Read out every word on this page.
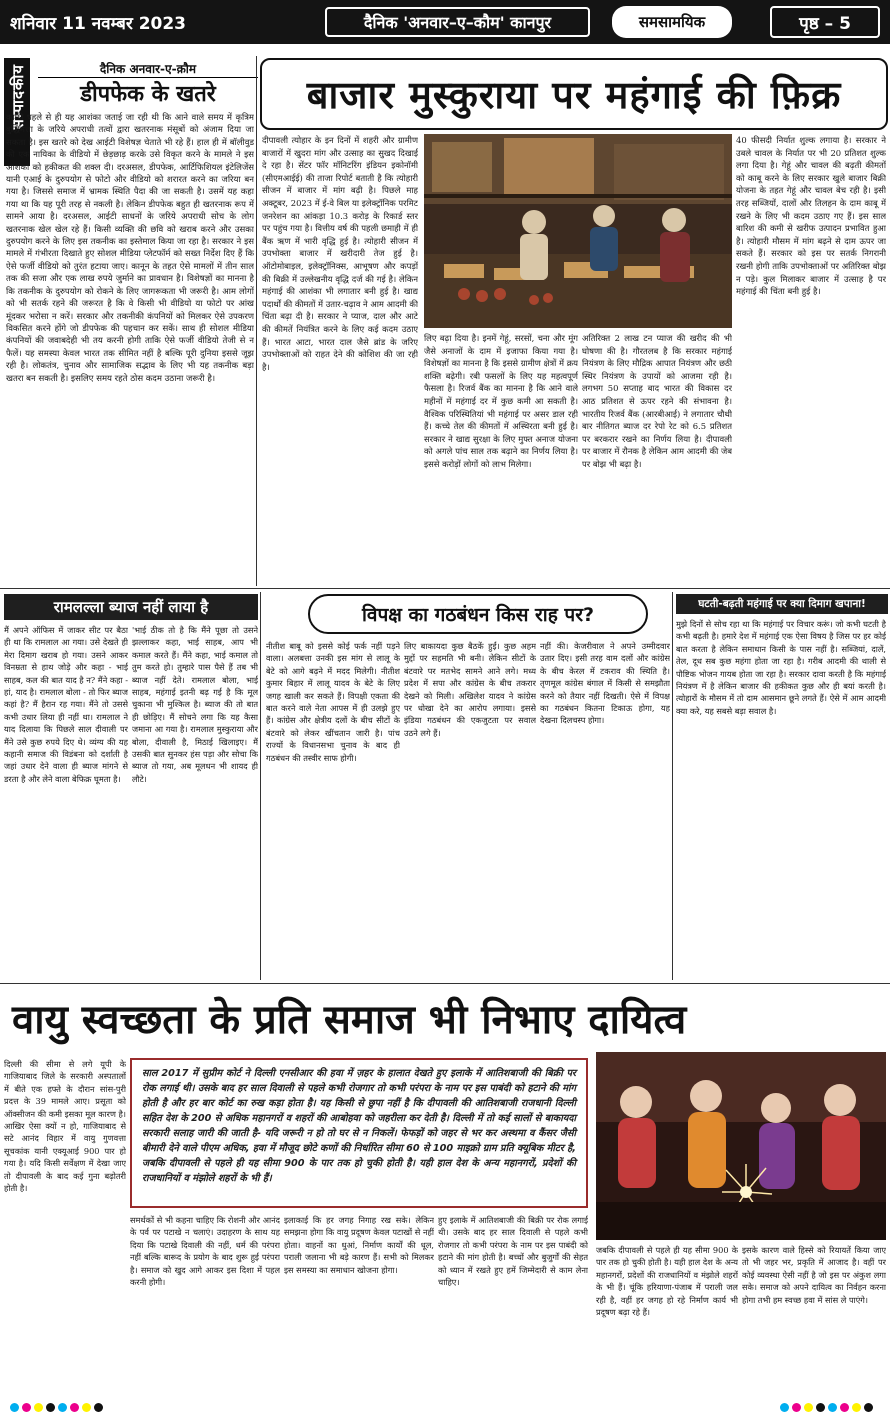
शनिवार 11 नवम्बर 2023	दैनिक 'अनवार–ए–कौम' कानपुर	समसामयिक	पृष्ठ – 5
सम्पादकीय	दैनिक अनवार-ए-क़ौम
डीपफेक के खतरे
काफी पहले से ही यह आशंका जताई जा रही थी कि आने वाले समय में कृत्रिम बुद्धिमत्ता के जरिये अपराधी तत्वों द्वारा खतरनाक मंसूबों को अंजाम दिया जा सकता है। इस खतरे को देख आईटी विशेषज्ञ चेताते भी रहे हैं। हाल ही में बॉलीवुड की एक नायिका के वीडियो में छेड़छाड़ करके उसे विकृत करने के मामले ने इस आशंका को हकीकत की शक्ल दी। दरअसल, डीपफेक, आर्टिफिशियल इंटेलिजेंस यानी एआई के दुरुपयोग से फोटो और वीडियो को शरारत करने का जरिया बन गया है। जिससे समाज में भ्रामक स्थिति पैदा की जा सकती है। उसमें यह कहा गया था कि यह पूरी तरह से नकली है। लेकिन डीपफेक बहुत ही खतरनाक रूप में सामने आया है। दरअसल, आईटी साधनों के जरिये अपराधी सोच के लोग खतरनाक खेल खेल रहे हैं। किसी व्यक्ति की छवि को खराब करने और उसका दुरुपयोग करने के लिए इस तकनीक का इस्तेमाल किया जा रहा है। सरकार ने इस मामले में गंभीरता दिखाते हुए सोशल मीडिया प्लेटफॉर्म को सख्त निर्देश दिए हैं कि ऐसे फर्जी वीडियो को तुरंत हटाया जाए। कानून के तहत ऐसे मामलों में तीन साल तक की सजा और एक लाख रुपये जुर्माने का प्रावधान है। विशेषज्ञों का मानना है कि तकनीक के दुरुपयोग को रोकने के लिए जागरूकता भी जरूरी है। आम लोगों को भी सतर्क रहने की जरूरत है कि वे किसी भी वीडियो या फोटो पर आंख मूंदकर भरोसा न करें। सरकार और तकनीकी कंपनियों को मिलकर ऐसे उपकरण विकसित करने होंगे जो डीपफेक की पहचान कर सकें। साथ ही सोशल मीडिया कंपनियों की जवाबदेही भी तय करनी होगी ताकि ऐसे फर्जी वीडियो तेजी से न फैलें। यह समस्या केवल भारत तक सीमित नहीं है बल्कि पूरी दुनिया इससे जूझ रही है। लोकतंत्र, चुनाव और सामाजिक सद्भाव के लिए भी यह तकनीक बड़ा खतरा बन सकती है। इसलिए समय रहते ठोस कदम उठाना जरूरी है।
बाजार मुस्कुराया पर महंगाई की फ़िक्र
दीपावली त्योहार के इन दिनों में शहरी और ग्रामीण बाजारों में खुदरा मांग और उत्साह का सुखद दिखाई दे रहा है। सेंटर फॉर मॉनिटरिंग इंडियन इकोनॉमी (सीएमआईई) की ताजा रिपोर्ट बताती है कि त्योहारी सीजन में बाजार में मांग बढ़ी है। पिछले माह अक्टूबर, 2023 में ई-वे बिल या इलेक्ट्रॉनिक परमिट जनरेशन का आंकड़ा 10.3 करोड़ के रिकार्ड स्तर पर पहुंच गया है। वित्तीय वर्ष की पहली छमाही में ही बैंक ऋण में भारी वृद्धि हुई है। त्योहारी सीजन में उपभोक्ता बाजार में खरीदारी तेज हुई है। ऑटोमोबाइल, इलेक्ट्रॉनिक्स, आभूषण और कपड़ों की बिक्री में उल्लेखनीय वृद्धि दर्ज की गई है। लेकिन महंगाई की आशंका भी लगातार बनी हुई है। खाद्य पदार्थों की कीमतों में उतार-चढ़ाव ने आम आदमी की चिंता बढ़ा दी है। सरकार ने प्याज, दाल और आटे की कीमतें नियंत्रित करने के लिए कई कदम उठाए हैं। भारत आटा, भारत दाल जैसे ब्रांड के जरिए उपभोक्ताओं को राहत देने की कोशिश की जा रही है।
लिए बढ़ा दिया है। इनमें गेहूं, सरसों, चना और मूंग जैसे अनाजों के दाम में इजाफा किया गया है। विशेषज्ञों का मानना है कि इससे ग्रामीण क्षेत्रों में क्रय शक्ति बढ़ेगी। रबी फसलों के लिए यह महत्वपूर्ण फैसला है। रिजर्व बैंक का मानना है कि आने वाले महीनों में महंगाई दर में कुछ कमी आ सकती है। वैश्विक परिस्थितियां भी महंगाई पर असर डाल रही हैं। कच्चे तेल की कीमतों में अस्थिरता बनी हुई है। सरकार ने खाद्य सुरक्षा के लिए मुफ्त अनाज योजना को अगले पांच साल तक बढ़ाने का निर्णय लिया है। इससे करोड़ों लोगों को लाभ मिलेगा।
अतिरिक्त 2 लाख टन प्याज की खरीद की भी घोषणा की है। गौरतलब है कि सरकार महंगाई नियंत्रण के लिए मौद्रिक आपात नियंत्रण और छठी स्थिर नियंत्रण के उपायों को आजमा रही है। लगभग 50 सप्ताह बाद भारत की विकास दर आठ प्रतिशत से ऊपर रहने की संभावना है। भारतीय रिजर्व बैंक (आरबीआई) ने लगातार चौथी बार नीतिगत ब्याज दर रेपो रेट को 6.5 प्रतिशत पर बरकरार रखने का निर्णय लिया है। दीपावली पर बाजार में रौनक है लेकिन आम आदमी की जेब पर बोझ भी बढ़ा है।
40 फीसदी निर्यात शुल्क लगाया है। सरकार ने उबले चावल के निर्यात पर भी 20 प्रतिशत शुल्क लगा दिया है। गेहूं और चावल की बढ़ती कीमतों को काबू करने के लिए सरकार खुले बाजार बिक्री योजना के तहत गेहूं और चावल बेच रही है। इसी तरह सब्जियों, दालों और तिलहन के दाम काबू में रखने के लिए भी कदम उठाए गए हैं। इस साल बारिश की कमी से खरीफ उत्पादन प्रभावित हुआ है। त्योहारी मौसम में मांग बढ़ने से दाम ऊपर जा सकते हैं। सरकार को इस पर सतर्क निगरानी रखनी होगी ताकि उपभोक्ताओं पर अतिरिक्त बोझ न पड़े। कुल मिलाकर बाजार में उत्साह है पर महंगाई की चिंता बनी हुई है।
रामलल्ला ब्याज नहीं लाया है
मैं अपने ऑफिस में जाकर सीट पर बैठा ही था कि रामलाल आ गया। उसे देखते ही मेरा दिमाग खराब हो गया। उसने आकर विनम्रता से हाथ जोड़े और कहा - भाई साहब, कल की बात याद है न? मैंने कहा - हां, याद है। रामलाल बोला - तो फिर ब्याज कहां है? मैं हैरान रह गया। मैंने तो उससे कभी उधार लिया ही नहीं था। रामलाल ने याद दिलाया कि पिछले साल दीवाली पर मैंने उसे कुछ रुपये दिए थे। व्यंग्य की यह कहानी समाज की विडंबना को दर्शाती है जहां उधार देने वाला ही ब्याज मांगने से डरता है और लेने वाला बेफिक्र घूमता है।
'भाई ठीक तो है कि मैंने पूछा तो उसने झल्लाकर कहा, भाई साहब, आप भी कमाल करते हैं। मैंने कहा, भाई कमाल तो तुम करते हो। तुम्हारे पास पैसे हैं तब भी ब्याज नहीं देते। रामलाल बोला, भाई साहब, महंगाई इतनी बढ़ गई है कि मूल चुकाना भी मुश्किल है। ब्याज की तो बात ही छोड़िए। मैं सोचने लगा कि यह कैसा जमाना आ गया है। रामलाल मुस्कुराया और बोला, दीवाली है, मिठाई खिलाइए। मैं उसकी बात सुनकर हंस पड़ा और सोचा कि ब्याज तो गया, अब मूलधन भी शायद ही लौटे।
विपक्ष का गठबंधन किस राह पर?
नीतीश बाबू को इससे कोई फर्क नहीं पड़ने वाला। अलबत्ता उनकी इस मांग से लालू के बेटे को आगे बढ़ने में मदद मिलेगी। नीतीश कुमार बिहार में लालू यादव के बेटे के लिए जगह खाली कर सकते हैं। विपक्षी एकता की बात करने वाले नेता आपस में ही उलझे हुए हैं। कांग्रेस और क्षेत्रीय दलों के बीच सीटों के बंटवारे को लेकर खींचतान जारी है। पांच राज्यों के विधानसभा चुनाव के बाद ही गठबंधन की तस्वीर साफ होगी।
लिए बाकायदा कुछ बैठकें हुईं। कुछ अहम मुद्दों पर सहमति भी बनी। लेकिन सीटों के बंटवारे पर मतभेद सामने आने लगे। मध्य प्रदेश में सपा और कांग्रेस के बीच तकरार देखने को मिली। अखिलेश यादव ने कांग्रेस पर धोखा देने का आरोप लगाया। इससे इंडिया गठबंधन की एकजुटता पर सवाल उठने लगे हैं।
नहीं की। केजरीवाल ने अपने उम्मीदवार उतार दिए। इसी तरह वाम दलों और कांग्रेस के बीच केरल में टकराव की स्थिति है। तृणमूल कांग्रेस बंगाल में किसी से समझौता करने को तैयार नहीं दिखती। ऐसे में विपक्ष का गठबंधन कितना टिकाऊ होगा, यह देखना दिलचस्प होगा।
घटती-बढ़ती महंगाई पर क्या दिमाग खपाना!
मुझे दिनों से सोच रहा था कि महंगाई पर विचार करूं। जो कभी घटती है कभी बढ़ती है। हमारे देश में महंगाई एक ऐसा विषय है जिस पर हर कोई बात करता है लेकिन समाधान किसी के पास नहीं है। सब्जियां, दालें, तेल, दूध सब कुछ महंगा होता जा रहा है। गरीब आदमी की थाली से पौष्टिक भोजन गायब होता जा रहा है। सरकार दावा करती है कि महंगाई नियंत्रण में है लेकिन बाजार की हकीकत कुछ और ही बयां करती है। त्योहारों के मौसम में तो दाम आसमान छूने लगते हैं। ऐसे में आम आदमी क्या करे, यह सबसे बड़ा सवाल है।
वायु स्वच्छता के प्रति समाज भी निभाए दायित्व
साल 2017 में सुप्रीम कोर्ट ने दिल्ली एनसीआर की हवा में ज़हर के हालात देखते हुए इलाके में आतिशबाजी की बिक्री पर रोक लगाई थी। उसके बाद हर साल दिवाली से पहले कभी रोजगार तो कभी परंपरा के नाम पर इस पाबंदी को हटाने की मांग होती है और हर बार कोर्ट का रुख कड़ा होता है। यह किसी से छुपा नहीं है कि दीपावली की आतिशबाजी राजधानी दिल्ली सहित देश के 200 से अधिक महानगरों व शहरों की आबोहवा को जहरीला कर देती है। दिल्ली में तो कई सालों से बाकायदा सरकारी सलाह जारी की जाती है- यदि जरूरी न हो तो घर से न निकलें। फेफड़ों को जहर से भर कर अस्थमा व कैंसर जैसी बीमारी देने वाले पीएम अधिक, हवा में मौजूद छोटे कणों की निर्धारित सीमा 60 से 100 माइक्रो ग्राम प्रति क्यूबिक मीटर है, जबकि दीपावली से पहले ही यह सीमा 900 के पार तक हो चुकी होती है। यही हाल देश के अन्य महानगरों, प्रदेशों की राजधानियों व मंझोले शहरों के भी हैं।
दिल्ली की सीमा से लगे यूपी के गाजियाबाद जिले के सरकारी अस्पतालों में बीते एक हफ्ते के दौरान सांस-पुरी प्रदत्त के 39 मामले आए। प्रसूता को ऑक्सीजन की कमी इसका मूल कारण है। आखिर ऐसा क्यों न हो, गाजियाबाद से सटे आनंद विहार में वायु गुणवत्ता सूचकांक यानी एक्यूआई 900 पार हो गया है। यदि किसी सर्वेक्षण में देखा जाए तो दीपावली के बाद कई गुना बढ़ोतरी होती है।
समर्थकों से भी कहना चाहिए कि रोशनी और आनंद के पर्व पर पटाखे न चलाएं। उदाहरण के साथ यह दिया कि पटाखे दिवाली की नहीं, धर्म की परंपरा नहीं बल्कि बारूद के प्रयोग के बाद शुरू हुई परंपरा है। समाज को खुद आगे आकर इस दिशा में पहल करनी होगी।
इलाकाई कि हर जगह निगाह रख सके। लेकिन समझना होगा कि वायु प्रदूषण केवल पटाखों से नहीं होता। वाहनों का धुआं, निर्माण कार्यों की धूल, पराली जलाना भी बड़े कारण हैं। सभी को मिलकर इस समस्या का समाधान खोजना होगा।
हुए इलाके में आतिशबाजी की बिक्री पर रोक लगाई थी। उसके बाद हर साल दिवाली से पहले कभी रोजगार तो कभी परंपरा के नाम पर इस पाबंदी को हटाने की मांग होती है। बच्चों और बुजुर्गों की सेहत को ध्यान में रखते हुए हमें जिम्मेदारी से काम लेना चाहिए।
जबकि दीपावली से पहले ही यह सीमा 900 के पार तक हो चुकी होती है। यही हाल देश के अन्य महानगरों, प्रदेशों की राजधानियों व मंझोले शहरों के भी हैं। चूंकि हरियाणा-पंजाब में पराली जल रही है, वहीं हर जगह हो रहे निर्माण कार्य भी प्रदूषण बढ़ा रहे हैं।
इसके कारण वाले हिस्से को रियायतें किया जाए तो भी जहर भर, प्रकृति में आजाद है। वहीं पर कोई व्यवस्था ऐसी नहीं है जो इस पर अंकुश लगा सके। समाज को अपने दायित्व का निर्वहन करना होगा तभी हम स्वच्छ हवा में सांस ले पाएंगे।
